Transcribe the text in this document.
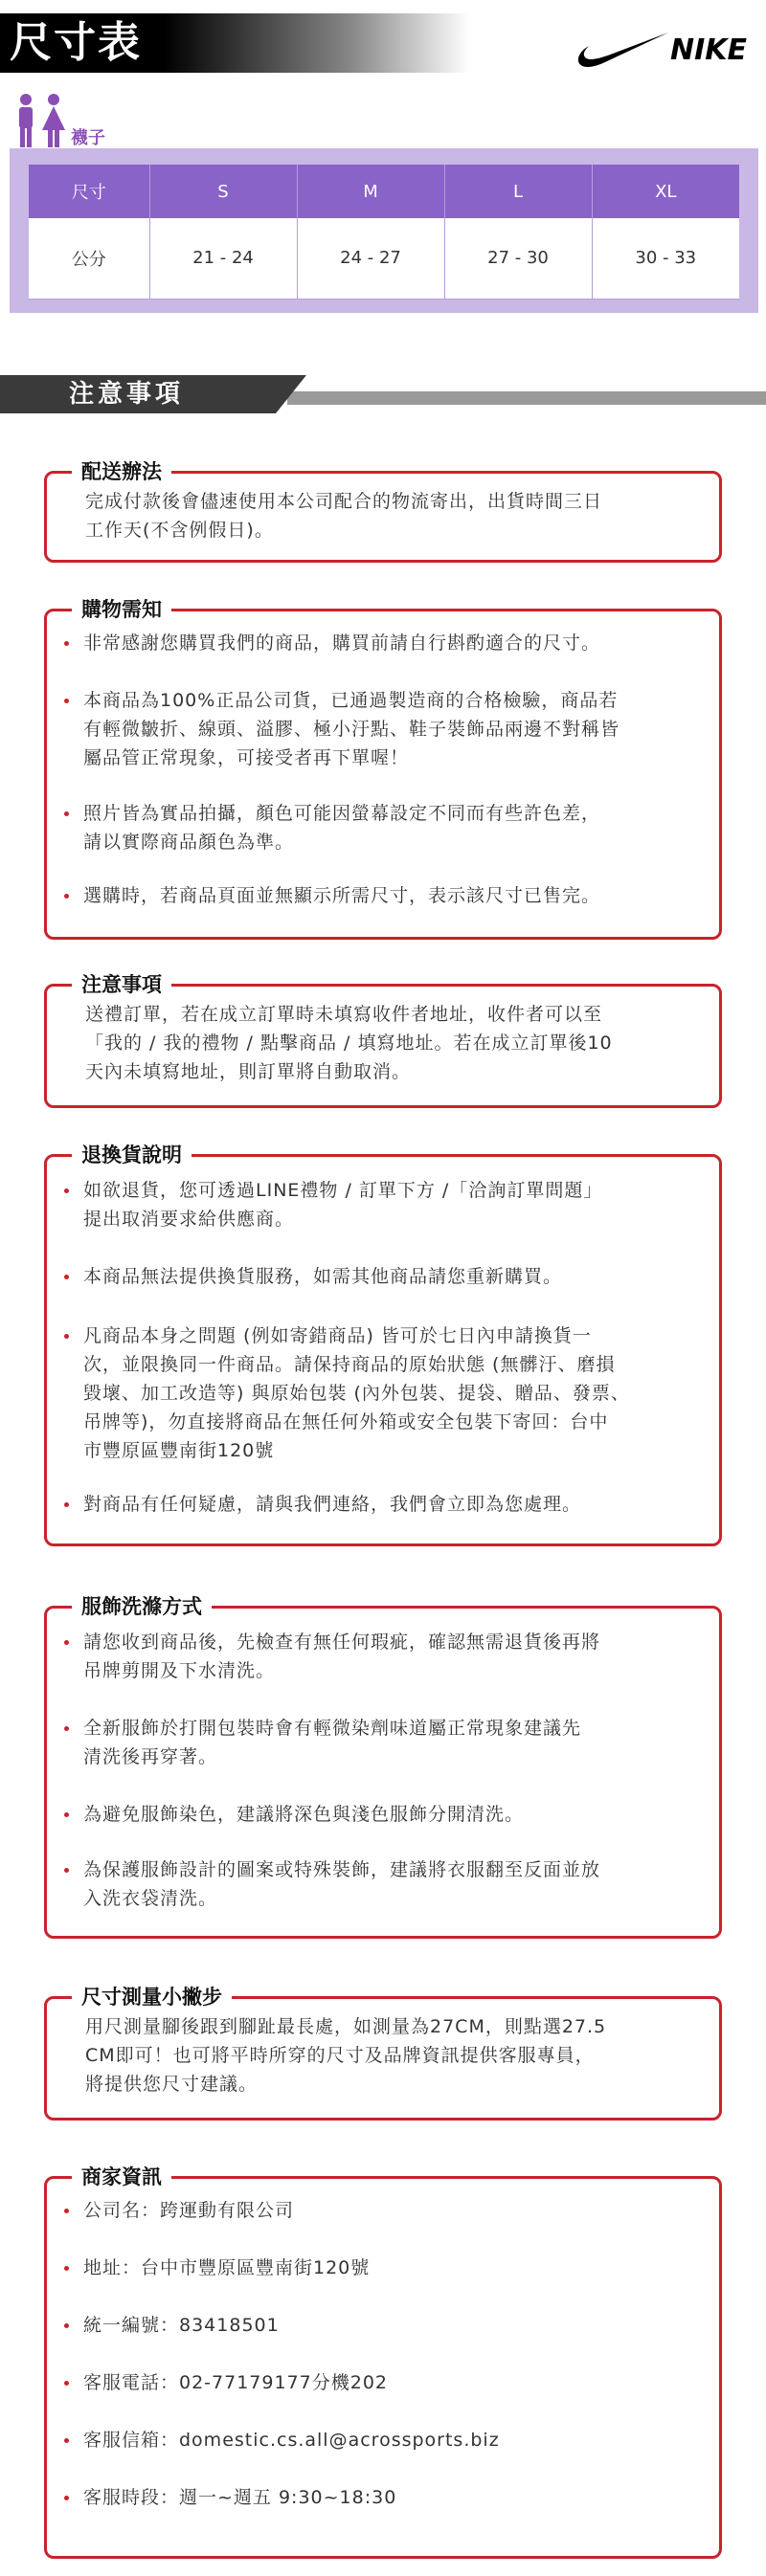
尺寸表	NIKE
襪子
尺寸	S	M	L	XL
公分	21 - 24	24 - 27	27 - 30	30 - 33
注意事項
配送辦法
完成付款後會儘速使用本公司配合的物流寄出，出貨時間三日
工作天(不含例假日)。
購物需知
非常感謝您購買我們的商品，購買前請自行斟酌適合的尺寸。
本商品為100%正品公司貨，已通過製造商的合格檢驗，商品若
有輕微皺折、線頭、溢膠、極小汙點、鞋子裝飾品兩邊不對稱皆
屬品管正常現象，可接受者再下單喔！
照片皆為實品拍攝，顏色可能因螢幕設定不同而有些許色差，
請以實際商品顏色為準。
選購時，若商品頁面並無顯示所需尺寸，表示該尺寸已售完。
注意事項
送禮訂單，若在成立訂單時未填寫收件者地址，收件者可以至
「我的 / 我的禮物 / 點擊商品 / 填寫地址。若在成立訂單後10
天內未填寫地址，則訂單將自動取消。
退換貨說明
如欲退貨，您可透過LINE禮物 / 訂單下方 /「洽詢訂單問題」
提出取消要求給供應商。
本商品無法提供換貨服務，如需其他商品請您重新購買。
凡商品本身之問題 (例如寄錯商品) 皆可於七日內申請換貨一
次，並限換同一件商品。請保持商品的原始狀態 (無髒汙、磨損
毀壞、加工改造等) 與原始包裝 (內外包裝、提袋、贈品、發票、
吊牌等)，勿直接將商品在無任何外箱或安全包裝下寄回：台中
市豐原區豐南街120號
對商品有任何疑慮，請與我們連絡，我們會立即為您處理。
服飾洗滌方式
請您收到商品後，先檢查有無任何瑕疵，確認無需退貨後再將
吊牌剪開及下水清洗。
全新服飾於打開包裝時會有輕微染劑味道屬正常現象建議先
清洗後再穿著。
為避免服飾染色，建議將深色與淺色服飾分開清洗。
為保護服飾設計的圖案或特殊裝飾，建議將衣服翻至反面並放
入洗衣袋清洗。
尺寸測量小撇步
用尺測量腳後跟到腳趾最長處，如測量為27CM，則點選27.5
CM即可！也可將平時所穿的尺寸及品牌資訊提供客服專員，
將提供您尺寸建議。
商家資訊
公司名：跨運動有限公司
地址：台中市豐原區豐南街120號
統一編號：83418501
客服電話：02-77179177分機202
客服信箱：domestic.cs.all@acrossports.biz
客服時段：週一~週五 9:30~18:30
